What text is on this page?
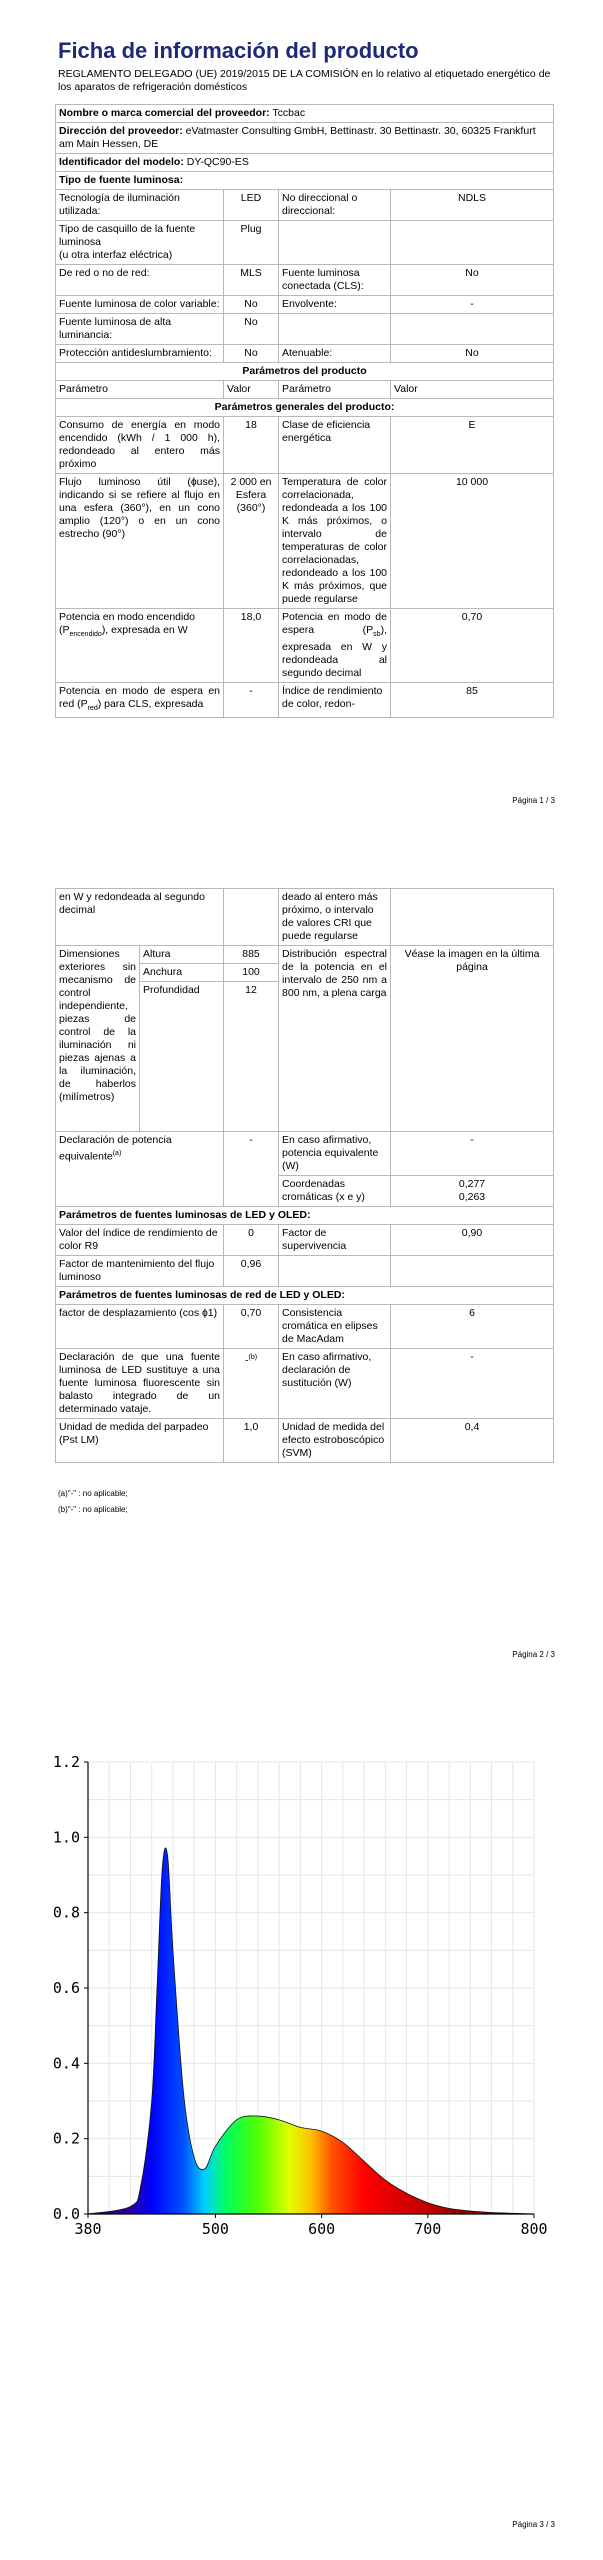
Ficha de información del producto
REGLAMENTO DELEGADO (UE) 2019/2015 DE LA COMISIÓN en lo relativo al etiquetado energético de los aparatos de refrigeración domésticos
Nombre o marca comercial del proveedor: Tccbac			
Dirección del proveedor: eVatmaster Consulting GmbH, Bettinastr. 30 Bettinastr. 30, 60325 Frankfurt am Main Hessen, DE			
Identificador del modelo: DY-QC90-ES			
Tipo de fuente luminosa:			
Tecnología de iluminación utilizada:	LED	No direccional o direccional:	NDLS
Tipo de casquillo de la fuente luminosa
(u otra interfaz eléctrica)	Plug		
De red o no de red:	MLS	Fuente luminosa conectada (CLS):	No
Fuente luminosa de color variable:	No	Envolvente:	-
Fuente luminosa de alta luminancia:	No		
Protección antideslumbramiento:	No	Atenuable:	No
Parámetros del producto			
Parámetro	Valor	Parámetro	Valor
Parámetros generales del producto:			
Consumo de energía en modo encendido (kWh / 1 000 h), redondeado al entero más próximo	18	Clase de eficiencia energética	E
Flujo luminoso útil (ɸuse), indicando si se refiere al flujo en una esfera (360°), en un cono amplio (120°) o en un cono estrecho (90°)	2 000 en Esfera (360°)	Temperatura de color correlacionada, redondeada a los 100 K más próximos, o intervalo de temperaturas de color correlacionadas, redondeado a los 100 K más próximos, que puede regularse	10 000
Potencia en modo encendido $(P_{encendido})$, expresada en W	18,0	Potencia en modo de espera $(P_{sb})$, expresada en W y redondeada al segundo decimal	0,70
Potencia en modo de espera en red $(P_{red})$ para CLS, expresada	-	Índice de rendimiento de color, redon-	85
Página 1 / 3
en W y redondeada al segundo decimal			deado al entero más próximo, o intervalo de valores CRI que puede regularse	
Dimensiones exteriores sin mecanismo de control independiente, piezas de control de la iluminación ni piezas ajenas a la iluminación, de haberlos (milímetros)	Altura	885	Distribución espectral de la potencia en el intervalo de 250 nm a 800 nm, a plena carga	Véase la imagen en la última página
	Anchura	100		
	Profundidad	12		
Declaración de potencia equivalente$^{(a)}$		-	En caso afirmativo, potencia equivalente (W)	-
			Coordenadas cromáticas (x e y)	0,277
0,263
Parámetros de fuentes luminosas de LED y OLED:				
Valor del índice de rendimiento de color R9		0	Factor de supervivencia	0,90
Factor de mantenimiento del flujo luminoso		0,96		
Parámetros de fuentes luminosas de red de LED y OLED:				
factor de desplazamiento (cos ɸ1)		0,70	Consistencia cromática en elipses de MacAdam	6
Declaración de que una fuente luminosa de LED sustituye a una fuente luminosa fluorescente sin balasto integrado de un determinado vataje.		-$^{(b)}$	En caso afirmativo, declaración de sustitución (W)	-
Unidad de medida del parpadeo (Pst LM)		1,0	Unidad de medida del efecto estroboscópico (SVM)	0,4
(a)"-" : no aplicable;
(b)"-" : no aplicable;
Página 2 / 3
Página 3 / 3
0.0
0.2
0.4
0.6
0.8
1.0
1.2
380	500	600	700	800
